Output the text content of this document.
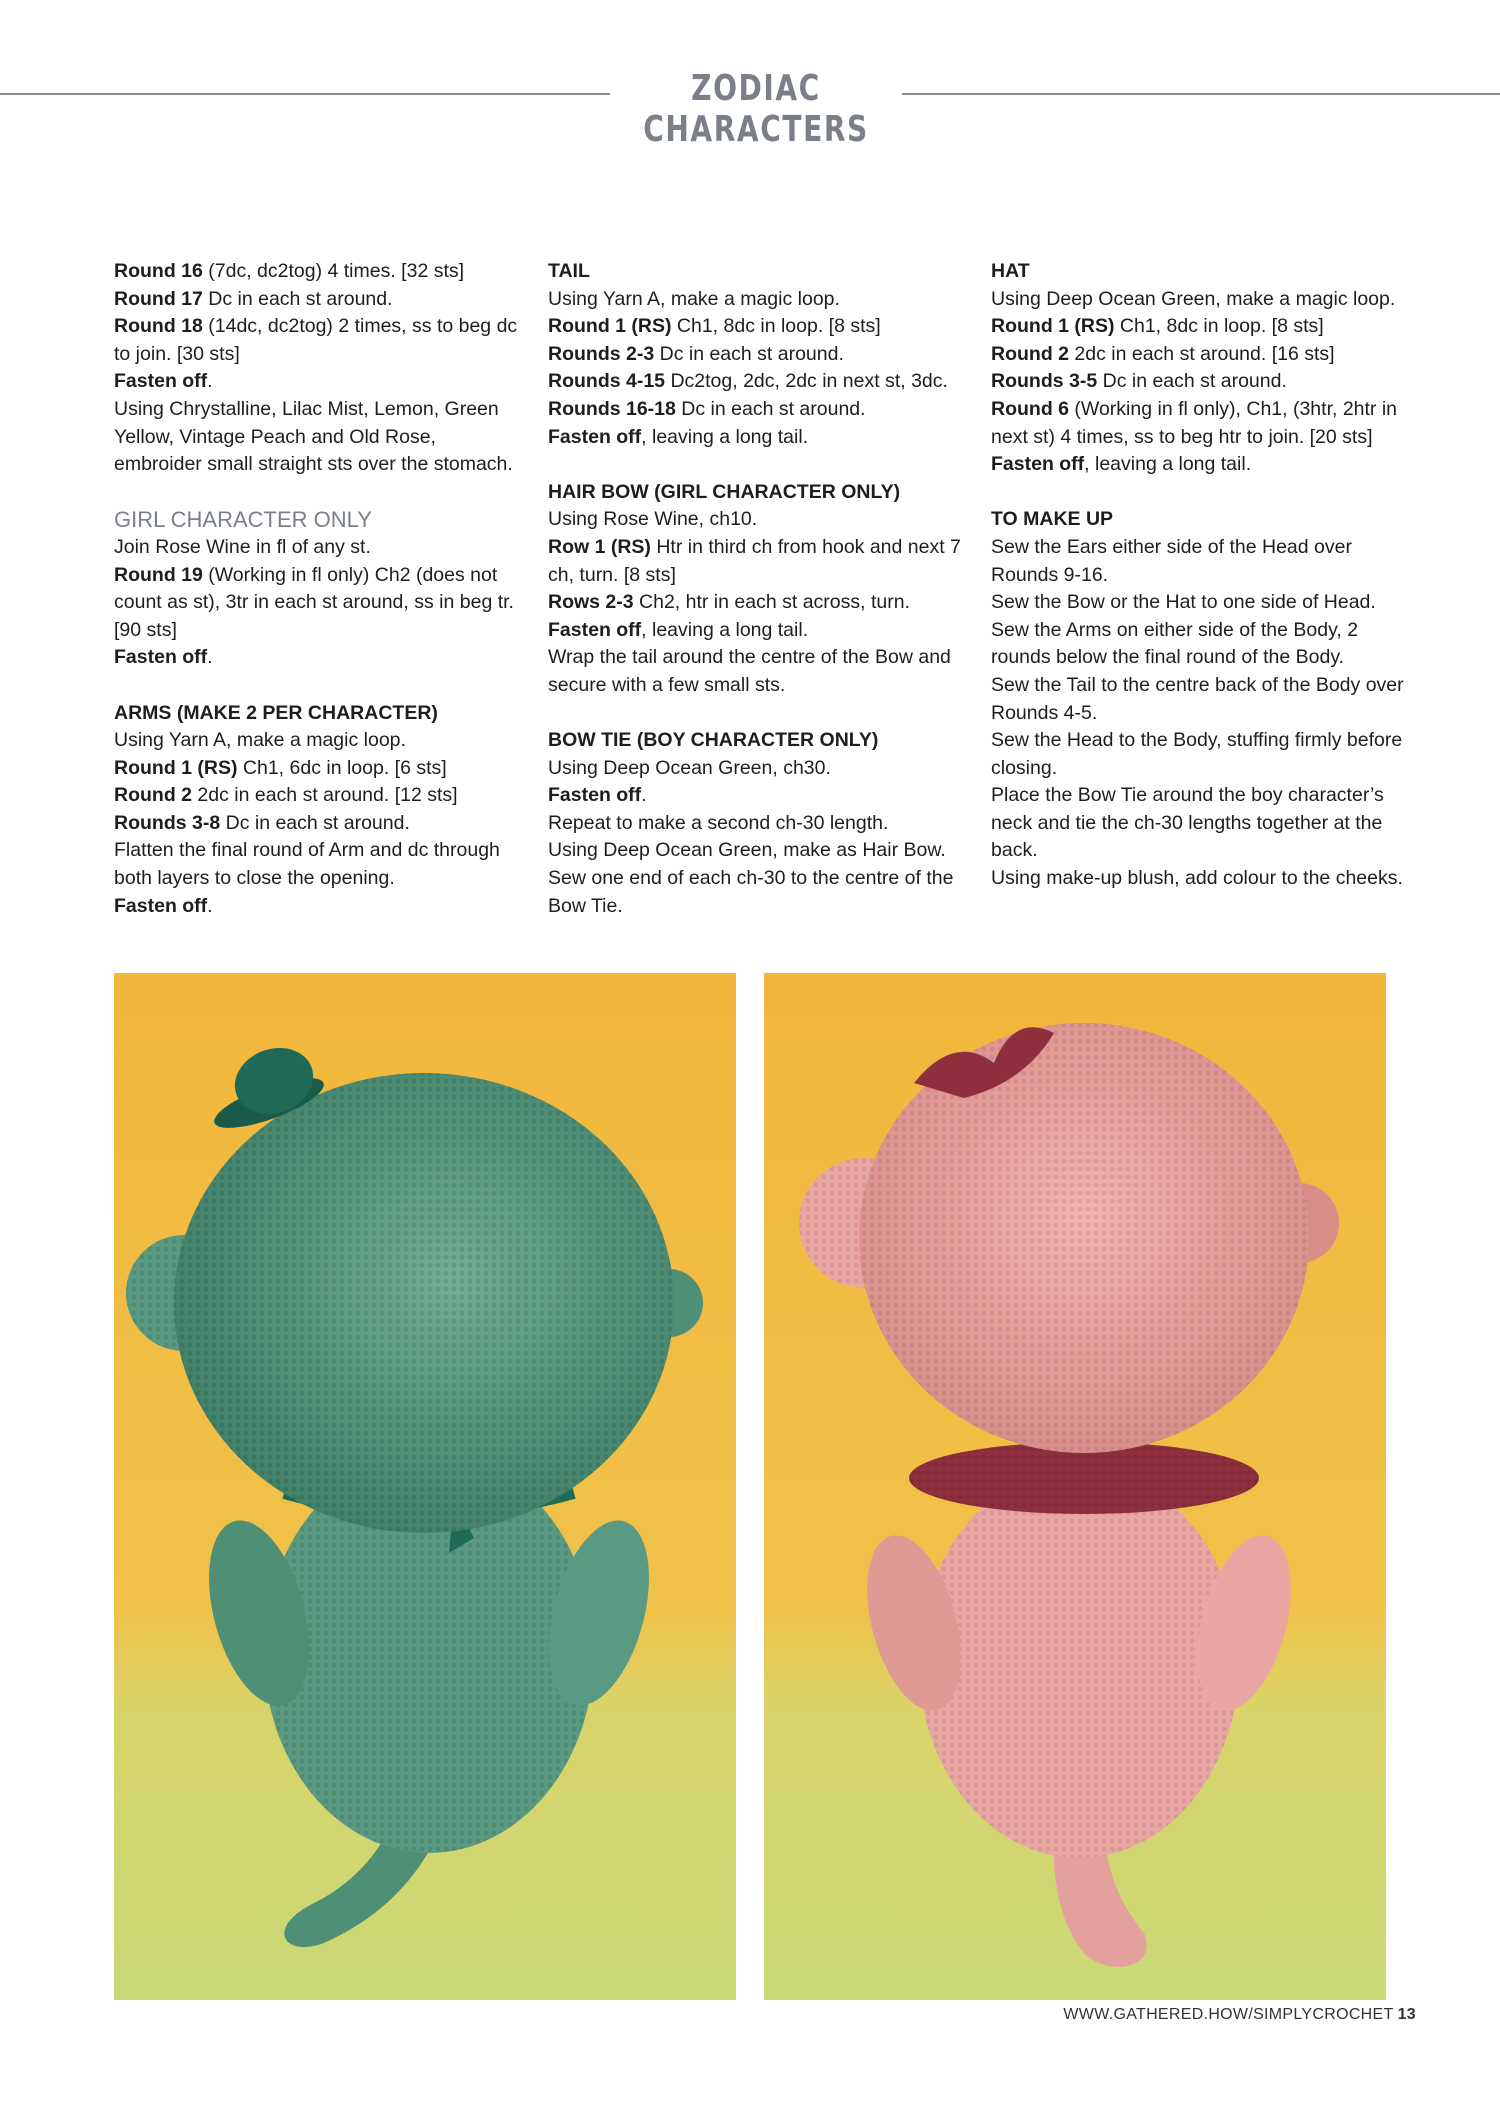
ZODIAC CHARACTERS

Round 16 (7dc, dc2tog) 4 times. [32 sts]

Round 17 Dc in each st around.

Round 18 (14dc, dc2tog) 2 times, ss to beg dc to join. [30 sts]

Fasten off.

Using Chrystalline, Lilac Mist, Lemon, Green Yellow, Vintage Peach and Old Rose, embroider small straight sts over the stomach.

GIRL CHARACTER ONLY

Join Rose Wine in fl of any st.

Round 19 (Working in fl only) Ch2 (does not count as st), 3tr in each st around, ss in beg tr. [90 sts]

Fasten off.

ARMS (MAKE 2 PER CHARACTER)

Using Yarn A, make a magic loop.

Round 1 (RS) Ch1, 6dc in loop. [6 sts]

Round 2 2dc in each st around. [12 sts]

Rounds 3-8 Dc in each st around.

Flatten the final round of Arm and dc through both layers to close the opening.

Fasten off.

TAIL

Using Yarn A, make a magic loop.

Round 1 (RS) Ch1, 8dc in loop. [8 sts]

Rounds 2-3 Dc in each st around.

Rounds 4-15 Dc2tog, 2dc, 2dc in next st, 3dc.

Rounds 16-18 Dc in each st around.

Fasten off, leaving a long tail.

HAIR BOW (GIRL CHARACTER ONLY)

Using Rose Wine, ch10.

Row 1 (RS) Htr in third ch from hook and next 7 ch, turn. [8 sts]

Rows 2-3 Ch2, htr in each st across, turn.

Fasten off, leaving a long tail.

Wrap the tail around the centre of the Bow and secure with a few small sts.

BOW TIE (BOY CHARACTER ONLY)

Using Deep Ocean Green, ch30.

Fasten off.

Repeat to make a second ch-30 length.

Using Deep Ocean Green, make as Hair Bow.

Sew one end of each ch-30 to the centre of the Bow Tie.

HAT

Using Deep Ocean Green, make a magic loop.

Round 1 (RS) Ch1, 8dc in loop. [8 sts]

Round 2 2dc in each st around. [16 sts]

Rounds 3-5 Dc in each st around.

Round 6 (Working in fl only), Ch1, (3htr, 2htr in next st) 4 times, ss to beg htr to join. [20 sts]

Fasten off, leaving a long tail.

TO MAKE UP

Sew the Ears either side of the Head over Rounds 9-16.

Sew the Bow or the Hat to one side of Head.

Sew the Arms on either side of the Body, 2 rounds below the final round of the Body.

Sew the Tail to the centre back of the Body over Rounds 4-5.

Sew the Head to the Body, stuffing firmly before closing.

Place the Bow Tie around the boy character’s neck and tie the ch-30 lengths together at the back.

Using make-up blush, add colour to the cheeks.

WWW.GATHERED.HOW/SIMPLYCROCHET 13
